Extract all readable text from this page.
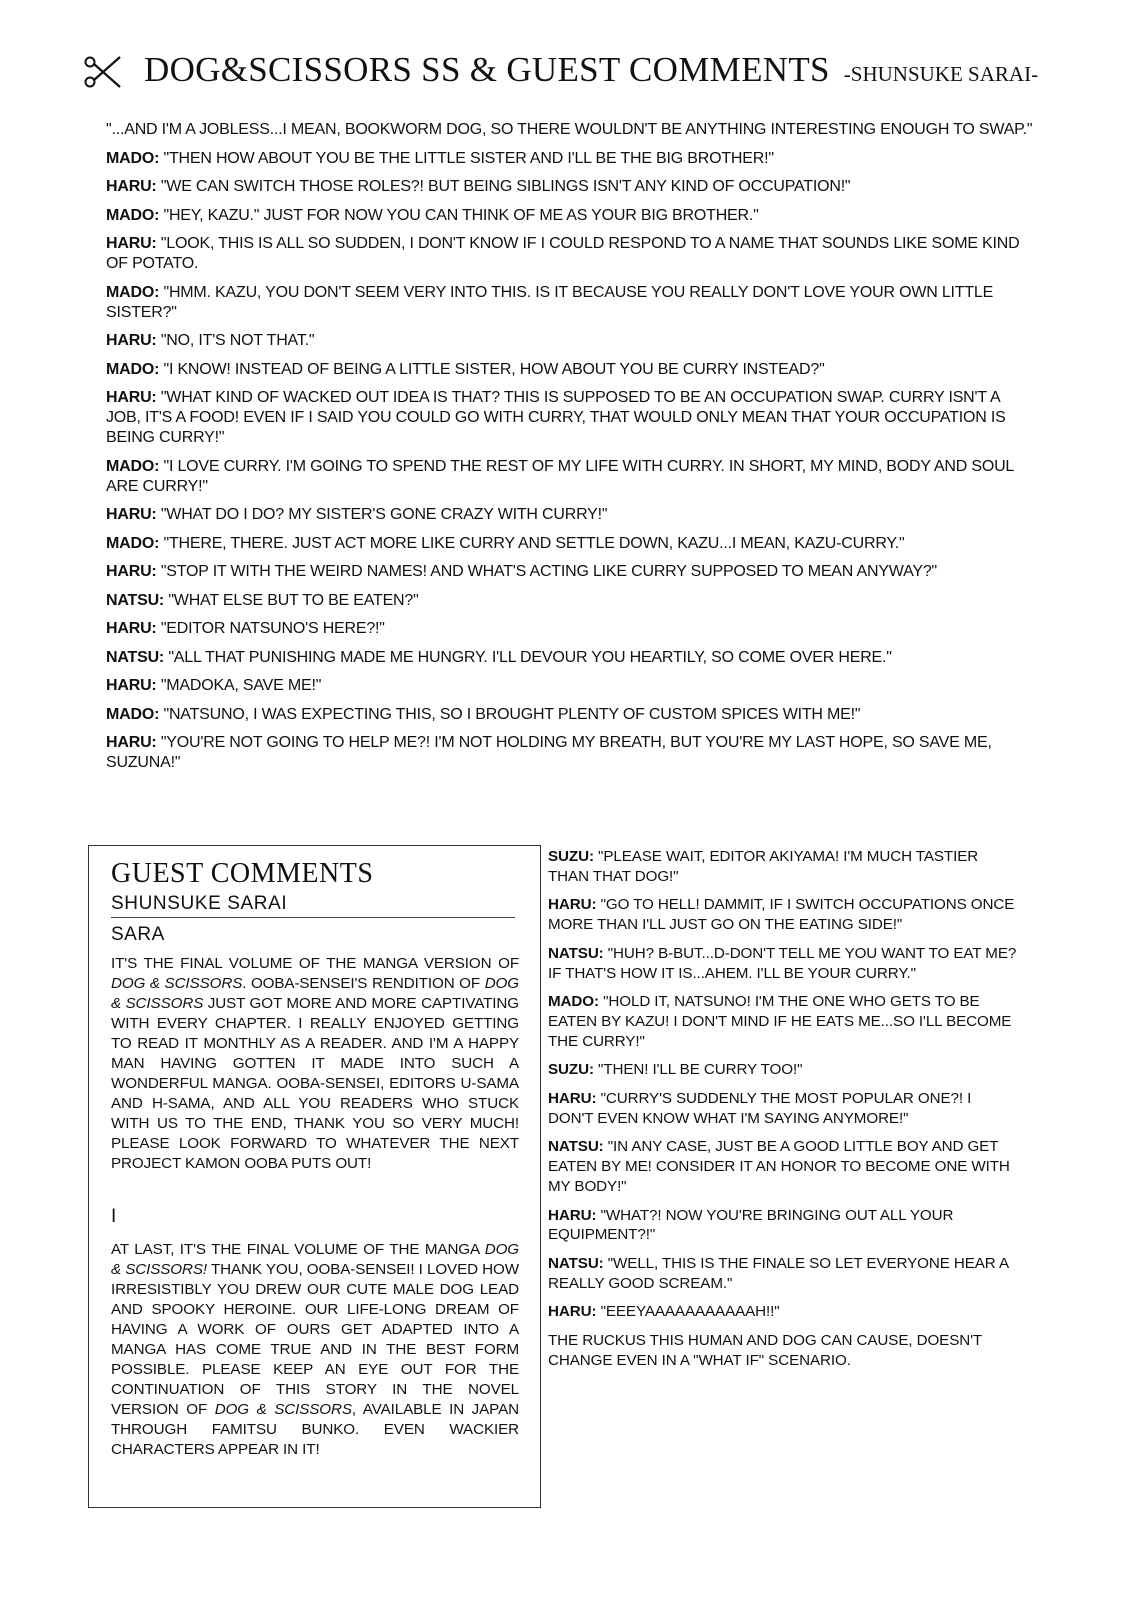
DOG&SCISSORS SS & GUEST COMMENTS -SHUNSUKE SARAI-

"...AND I'M A JOBLESS...I MEAN, BOOKWORM DOG, SO THERE WOULDN'T BE ANYTHING INTERESTING ENOUGH TO SWAP."

MADO: "THEN HOW ABOUT YOU BE THE LITTLE SISTER AND I'LL BE THE BIG BROTHER!"

HARU: "WE CAN SWITCH THOSE ROLES?! BUT BEING SIBLINGS ISN'T ANY KIND OF OCCUPATION!"

MADO: "HEY, KAZU." JUST FOR NOW YOU CAN THINK OF ME AS YOUR BIG BROTHER."

HARU: "LOOK, THIS IS ALL SO SUDDEN, I DON'T KNOW IF I COULD RESPOND TO A NAME THAT SOUNDS LIKE SOME KIND OF POTATO.

MADO: "HMM. KAZU, YOU DON'T SEEM VERY INTO THIS. IS IT BECAUSE YOU REALLY DON'T LOVE YOUR OWN LITTLE SISTER?"

HARU: "NO, IT'S NOT THAT."

MADO: "I KNOW! INSTEAD OF BEING A LITTLE SISTER, HOW ABOUT YOU BE CURRY INSTEAD?"

HARU: "WHAT KIND OF WACKED OUT IDEA IS THAT? THIS IS SUPPOSED TO BE AN OCCUPATION SWAP. CURRY ISN'T A JOB, IT'S A FOOD! EVEN IF I SAID YOU COULD GO WITH CURRY, THAT WOULD ONLY MEAN THAT YOUR OCCUPATION IS BEING CURRY!"

MADO: "I LOVE CURRY. I'M GOING TO SPEND THE REST OF MY LIFE WITH CURRY. IN SHORT, MY MIND, BODY AND SOUL ARE CURRY!"

HARU: "WHAT DO I DO? MY SISTER'S GONE CRAZY WITH CURRY!"

MADO: "THERE, THERE. JUST ACT MORE LIKE CURRY AND SETTLE DOWN, KAZU...I MEAN, KAZU-CURRY."

HARU: "STOP IT WITH THE WEIRD NAMES! AND WHAT'S ACTING LIKE CURRY SUPPOSED TO MEAN ANYWAY?"

NATSU: "WHAT ELSE BUT TO BE EATEN?"

HARU: "EDITOR NATSUNO'S HERE?!"

NATSU: "ALL THAT PUNISHING MADE ME HUNGRY. I'LL DEVOUR YOU HEARTILY, SO COME OVER HERE."

HARU: "MADOKA, SAVE ME!"

MADO: "NATSUNO, I WAS EXPECTING THIS, SO I BROUGHT PLENTY OF CUSTOM SPICES WITH ME!"

HARU: "YOU'RE NOT GOING TO HELP ME?! I'M NOT HOLDING MY BREATH, BUT YOU'RE MY LAST HOPE, SO SAVE ME, SUZUNA!"

GUEST COMMENTS
SHUNSUKE SARAI
SARA
IT'S THE FINAL VOLUME OF THE MANGA VERSION OF DOG & SCISSORS. OOBA-SENSEI'S RENDITION OF DOG & SCISSORS JUST GOT MORE AND MORE CAPTIVATING WITH EVERY CHAPTER. I REALLY ENJOYED GETTING TO READ IT MONTHLY AS A READER. AND I'M A HAPPY MAN HAVING GOTTEN IT MADE INTO SUCH A WONDERFUL MANGA. OOBA-SENSEI, EDITORS U-SAMA AND H-SAMA, AND ALL YOU READERS WHO STUCK WITH US TO THE END, THANK YOU SO VERY MUCH! PLEASE LOOK FORWARD TO WHATEVER THE NEXT PROJECT KAMON OOBA PUTS OUT!
I
AT LAST, IT'S THE FINAL VOLUME OF THE MANGA DOG & SCISSORS! THANK YOU, OOBA-SENSEI! I LOVED HOW IRRESISTIBLY YOU DREW OUR CUTE MALE DOG LEAD AND SPOOKY HEROINE. OUR LIFE-LONG DREAM OF HAVING A WORK OF OURS GET ADAPTED INTO A MANGA HAS COME TRUE AND IN THE BEST FORM POSSIBLE. PLEASE KEEP AN EYE OUT FOR THE CONTINUATION OF THIS STORY IN THE NOVEL VERSION OF DOG & SCISSORS, AVAILABLE IN JAPAN THROUGH FAMITSU BUNKO. EVEN WACKIER CHARACTERS APPEAR IN IT!

SUZU: "PLEASE WAIT, EDITOR AKIYAMA! I'M MUCH TASTIER THAN THAT DOG!"

HARU: "GO TO HELL! DAMMIT, IF I SWITCH OCCUPATIONS ONCE MORE THAN I'LL JUST GO ON THE EATING SIDE!"

NATSU: "HUH? B-BUT...D-DON'T TELL ME YOU WANT TO EAT ME? IF THAT'S HOW IT IS...AHEM. I'LL BE YOUR CURRY."

MADO: "HOLD IT, NATSUNO! I'M THE ONE WHO GETS TO BE EATEN BY KAZU! I DON'T MIND IF HE EATS ME...SO I'LL BECOME THE CURRY!"

SUZU: "THEN! I'LL BE CURRY TOO!"

HARU: "CURRY'S SUDDENLY THE MOST POPULAR ONE?! I DON'T EVEN KNOW WHAT I'M SAYING ANYMORE!"

NATSU: "IN ANY CASE, JUST BE A GOOD LITTLE BOY AND GET EATEN BY ME! CONSIDER IT AN HONOR TO BECOME ONE WITH MY BODY!"

HARU: "WHAT?! NOW YOU'RE BRINGING OUT ALL YOUR EQUIPMENT?!"

NATSU: "WELL, THIS IS THE FINALE SO LET EVERYONE HEAR A REALLY GOOD SCREAM."

HARU: "EEEYAAAAAAAAAAAH!!"

THE RUCKUS THIS HUMAN AND DOG CAN CAUSE, DOESN'T CHANGE EVEN IN A "WHAT IF" SCENARIO.
